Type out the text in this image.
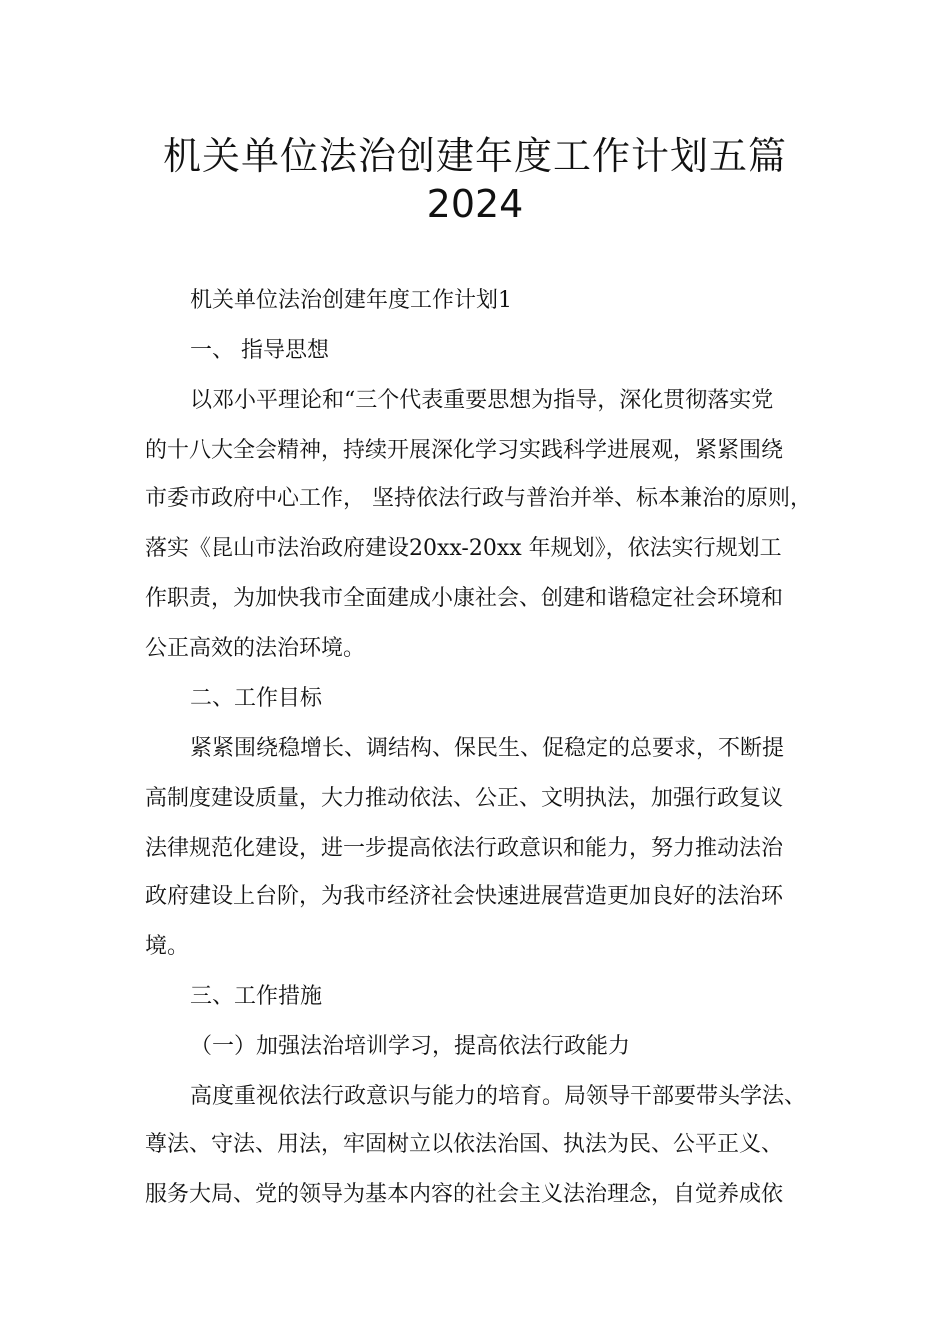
机关单位法治创建年度工作计划五篇
2024
机关单位法治创建年度工作计划1
一、 指导思想
以邓小平理论和“三个代表重要思想为指导，深化贯彻落实党
的十八大全会精神，持续开展深化学习实践科学进展观，紧紧围绕
市委市政府中心工作， 坚持依法行政与普治并举、标本兼治的原则，
落实《昆山市法治政府建设20xx-20xx 年规划》，依法实行规划工
作职责，为加快我市全面建成小康社会、创建和谐稳定社会环境和
公正高效的法治环境。
二、工作目标
紧紧围绕稳增长、调结构、保民生、促稳定的总要求，不断提
高制度建设质量，大力推动依法、公正、文明执法，加强行政复议
法律规范化建设，进一步提高依法行政意识和能力，努力推动法治
政府建设上台阶，为我市经济社会快速进展营造更加良好的法治环
境。
三、工作措施
（一）加强法治培训学习，提高依法行政能力
高度重视依法行政意识与能力的培育。局领导干部要带头学法、
尊法、守法、用法，牢固树立以依法治国、执法为民、公平正义、
服务大局、党的领导为基本内容的社会主义法治理念，自觉养成依
